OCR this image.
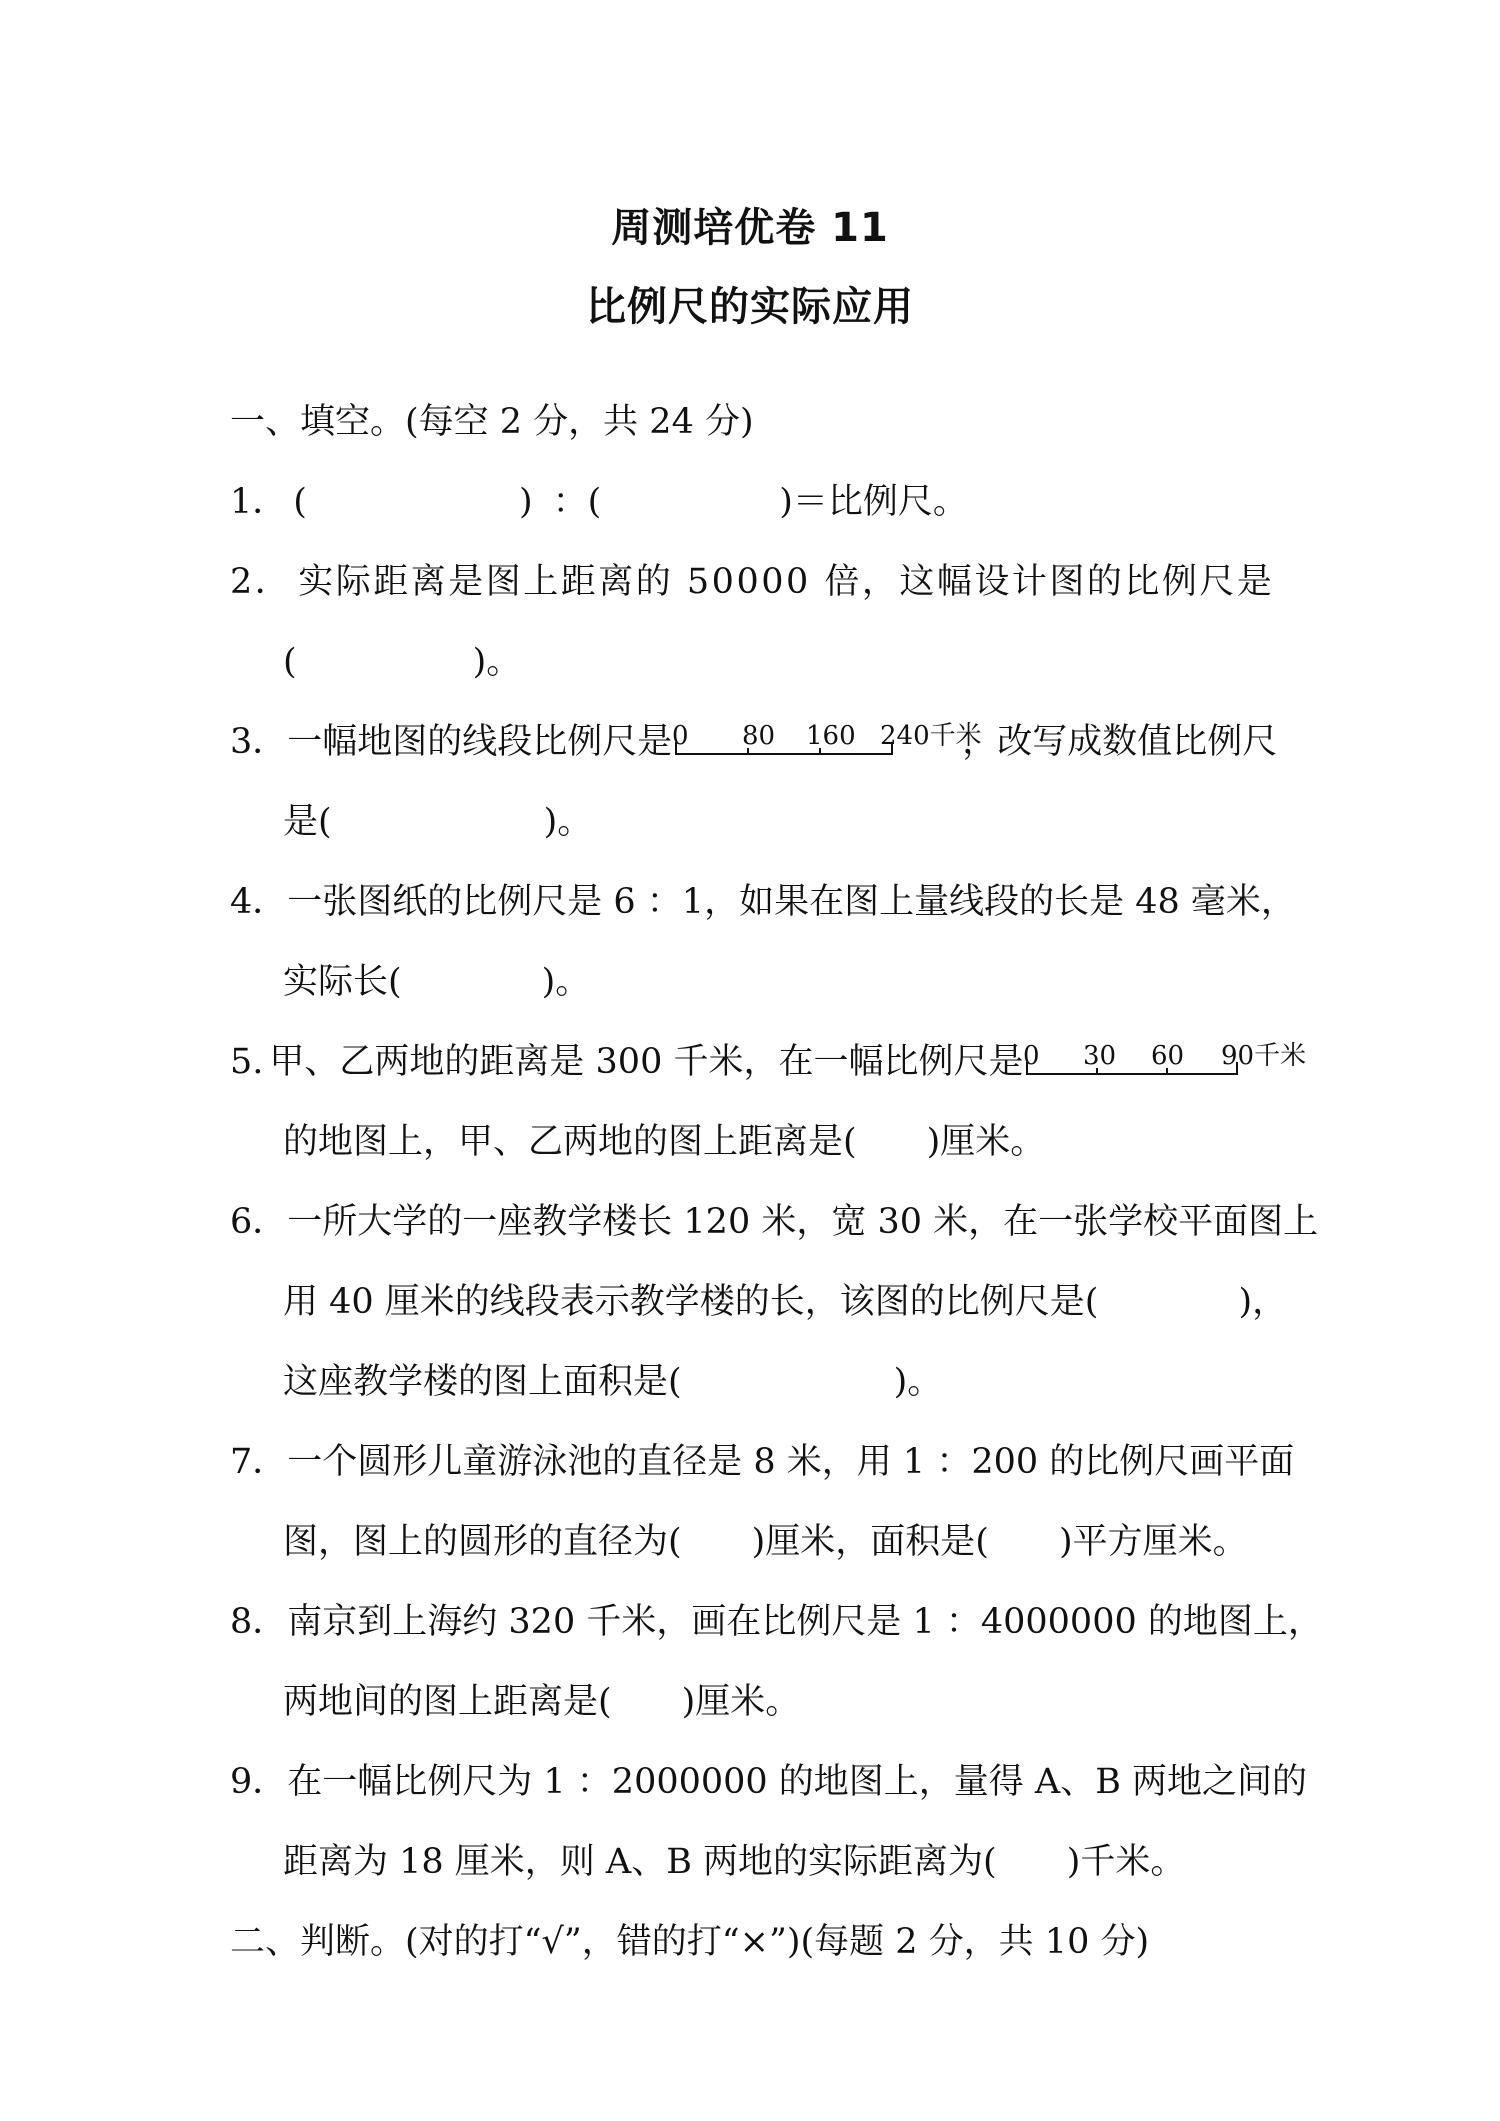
周测培优卷 11
比例尺的实际应用
一、填空。(每空 2 分，共 24 分)
1． (	) ：(	)＝比例尺。
2． 实际距离是图上距离的 50000 倍，这幅设计图的比例尺是
(	)。
3．一幅地图的线段比例尺是 0 80 160 240千米
，改写成数值比例尺
是(	)。
4．一张图纸的比例尺是 6 ：1，如果在图上量线段的长是 48 毫米，
实际长(	)。
5. 甲、乙两地的距离是 300 千米，在一幅比例尺是 0 30 60 90千米
的地图上，甲、乙两地的图上距离是(　　)厘米。
6．一所大学的一座教学楼长 120 米，宽 30 米，在一张学校平面图上
用 40 厘米的线段表示教学楼的长，该图的比例尺是(	)，
这座教学楼的图上面积是(	)。
7．一个圆形儿童游泳池的直径是 8 米，用 1 ：200 的比例尺画平面
图，图上的圆形的直径为(　　)厘米，面积是(　　)平方厘米。
8．南京到上海约 320 千米，画在比例尺是 1 ：4000000 的地图上，
两地间的图上距离是(　　)厘米。
9．在一幅比例尺为 1 ：2000000 的地图上，量得 A、B 两地之间的
距离为 18 厘米，则 A、B 两地的实际距离为(　　)千米。
二、判断。(对的打“√”，错的打“×”)(每题 2 分，共 10 分)
